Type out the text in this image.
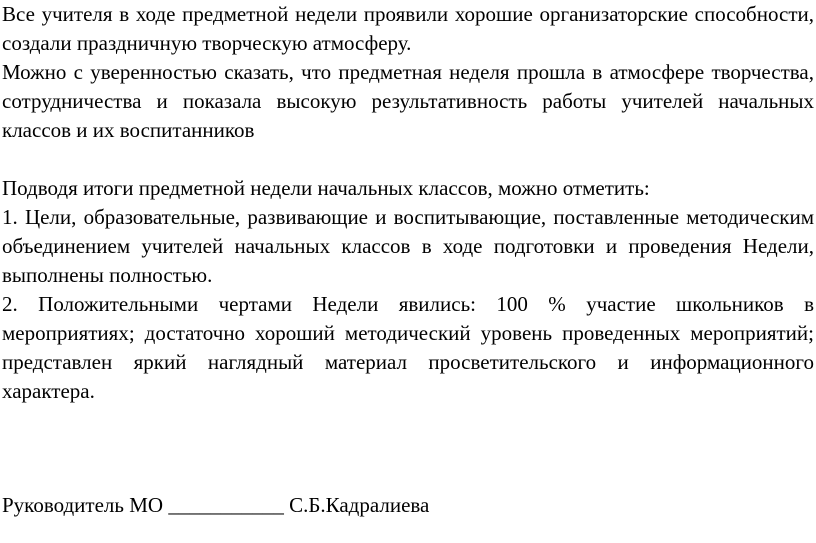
Все учителя в ходе предметной недели проявили хорошие организаторские способности, создали праздничную творческую атмосферу.

Можно с уверенностью сказать, что предметная неделя прошла в атмосфере творчества, сотрудничества и показала высокую результативность работы учителей начальных классов и их воспитанников

Подводя итоги предметной недели начальных классов, можно отметить:

1. Цели, образовательные, развивающие и воспитывающие, поставленные методическим объединением учителей начальных классов в ходе подготовки и проведения Недели, выполнены полностью.

2. Положительными чертами Недели явились: 100 % участие школьников в мероприятиях; достаточно хороший методический уровень проведенных мероприятий; представлен яркий наглядный материал просветительского и информационного характера.

Руководитель МО ___________ С.Б.Кадралиева
